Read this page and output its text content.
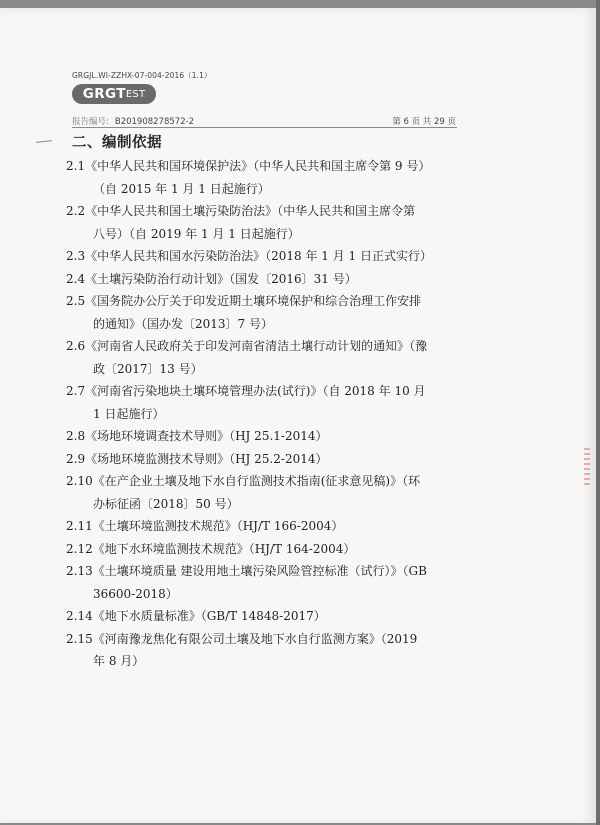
GRGJL.WI-ZZHX-07-004-2016（1.1）
GRGT EST
报告编号: B201908278572-2	第 6 页 共 29 页
二、编制依据
2.1《中华人民共和国环境保护法》（中华人民共和国主席令第 9 号）
（自 2015 年 1 月 1 日起施行）
2.2《中华人民共和国土壤污染防治法》（中华人民共和国主席令第
八号）（自 2019 年 1 月 1 日起施行）
2.3《中华人民共和国水污染防治法》（2018 年 1 月 1 日正式实行）
2.4《土壤污染防治行动计划》（国发〔2016〕31 号）
2.5《国务院办公厅关于印发近期土壤环境保护和综合治理工作安排
的通知》（国办发〔2013〕7 号）
2.6《河南省人民政府关于印发河南省清洁土壤行动计划的通知》（豫
政〔2017〕13 号）
2.7《河南省污染地块土壤环境管理办法(试行)》（自 2018 年 10 月
1 日起施行）
2.8《场地环境调查技术导则》（HJ 25.1-2014）
2.9《场地环境监测技术导则》（HJ 25.2-2014）
2.10《在产企业土壤及地下水自行监测技术指南(征求意见稿)》（环
办标征函〔2018〕50 号）
2.11《土壤环境监测技术规范》（HJ/T 166-2004）
2.12《地下水环境监测技术规范》（HJ/T 164-2004）
2.13《土壤环境质量 建设用地土壤污染风险管控标准（试行）》（GB
36600-2018）
2.14《地下水质量标准》（GB/T 14848-2017）
2.15《河南豫龙焦化有限公司土壤及地下水自行监测方案》（2019
年 8 月）
